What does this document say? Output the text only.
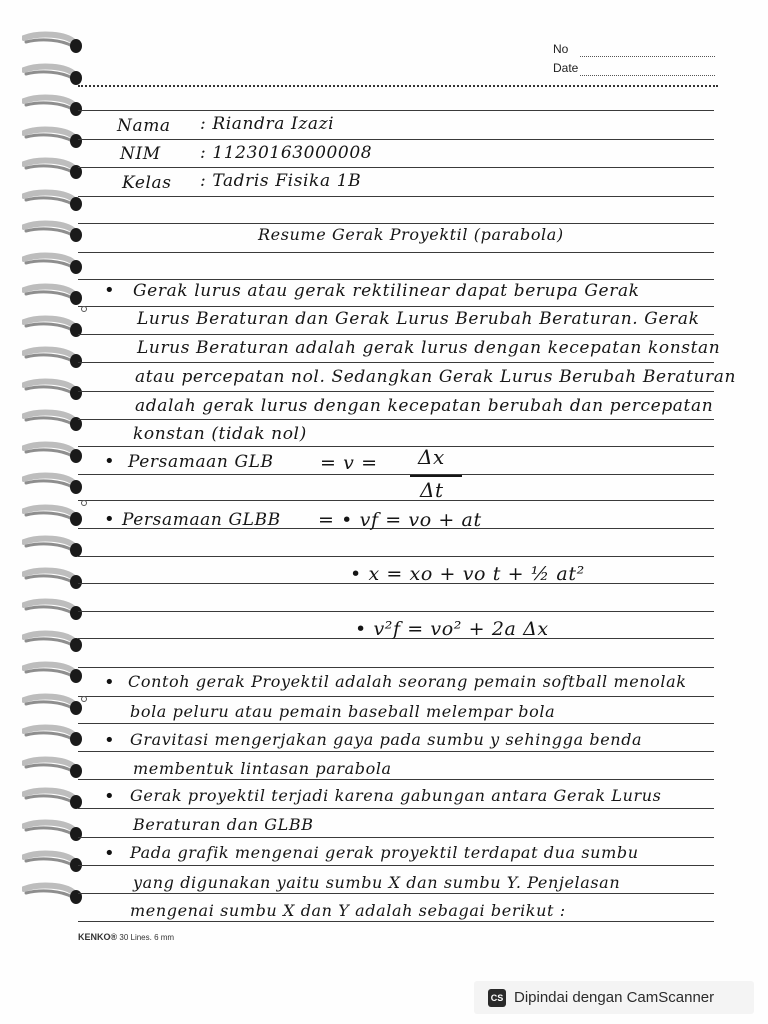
No
Date
Nama : Riandra Izazi
NIM : 11230163000008
Kelas : Tadris Fisika 1B
Resume Gerak Proyektil (parabola)
• Gerak lurus atau gerak rektilinear dapat berupa Gerak
Lurus Beraturan dan Gerak Lurus Berubah Beraturan. Gerak
Lurus Beraturan adalah gerak lurus dengan kecepatan konstan
atau percepatan nol. Sedangkan Gerak Lurus Berubah Beraturan
adalah gerak lurus dengan kecepatan berubah dan percepatan
konstan (tidak nol)
• Persamaan GLB = v = Δx
Δt
• Persamaan GLBB = • vf = vo + at
• x = xo + vo t + ½ at²
• v²f = vo² + 2a Δx
• Contoh gerak Proyektil adalah seorang pemain softball menolak
bola peluru atau pemain baseball melempar bola
• Gravitasi mengerjakan gaya pada sumbu y sehingga benda
membentuk lintasan parabola
• Gerak proyektil terjadi karena gabungan antara Gerak Lurus
Beraturan dan GLBB
• Pada grafik mengenai gerak proyektil terdapat dua sumbu
yang digunakan yaitu sumbu X dan sumbu Y. Penjelasan
mengenai sumbu X dan Y adalah sebagai berikut :
KENKO® 30 Lines. 6 mm
CS Dipindai dengan CamScanner
